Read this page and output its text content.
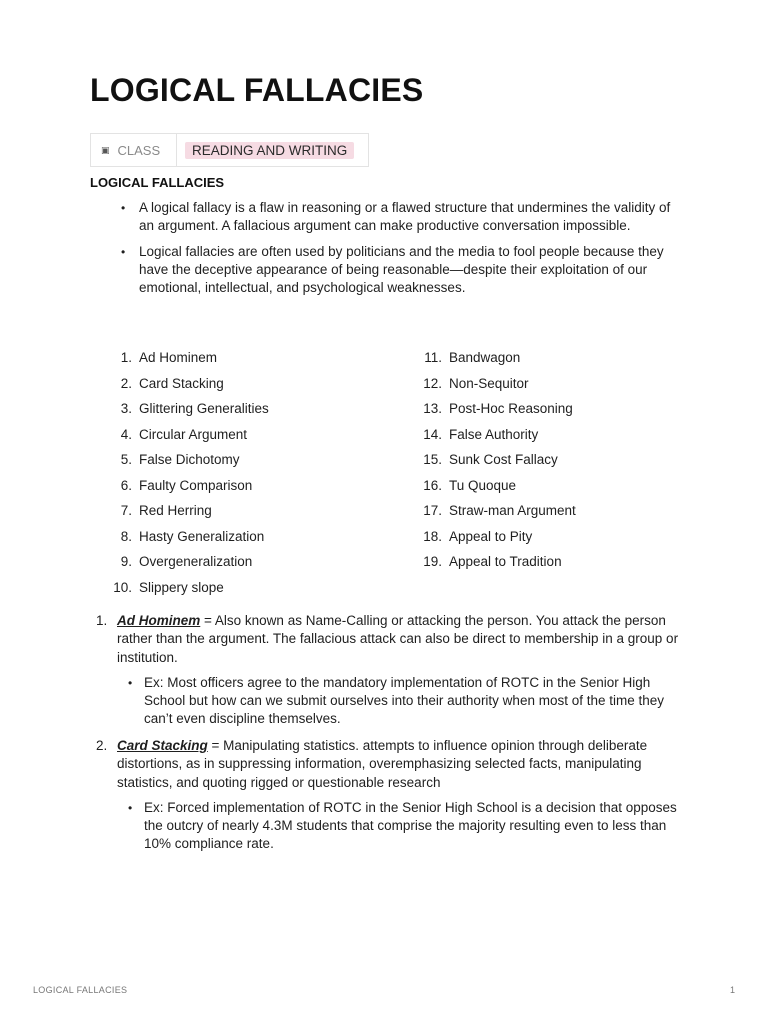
LOGICAL FALLACIES
▣ CLASS	READING AND WRITING
LOGICAL FALLACIES
• A logical fallacy is a flaw in reasoning or a flawed structure that undermines the validity of an argument. A fallacious argument can make productive conversation impossible.
• Logical fallacies are often used by politicians and the media to fool people because they have the deceptive appearance of being reasonable—despite their exploitation of our emotional, intellectual, and psychological weaknesses.
1. Ad Hominem
2. Card Stacking
3. Glittering Generalities
4. Circular Argument
5. False Dichotomy
6. Faulty Comparison
7. Red Herring
8. Hasty Generalization
9. Overgeneralization
10. Slippery slope
11. Bandwagon
12. Non-Sequitor
13. Post-Hoc Reasoning
14. False Authority
15. Sunk Cost Fallacy
16. Tu Quoque
17. Straw-man Argument
18. Appeal to Pity
19. Appeal to Tradition
1. Ad Hominem = Also known as Name-Calling or attacking the person. You attack the person rather than the argument. The fallacious attack can also be direct to membership in a group or institution.
• Ex: Most officers agree to the mandatory implementation of ROTC in the Senior High School but how can we submit ourselves into their authority when most of the time they can’t even discipline themselves.
2. Card Stacking = Manipulating statistics. attempts to influence opinion through deliberate distortions, as in suppressing information, overemphasizing selected facts, manipulating statistics, and quoting rigged or questionable research
• Ex: Forced implementation of ROTC in the Senior High School is a decision that opposes the outcry of nearly 4.3M students that comprise the majority resulting even to less than 10% compliance rate.
LOGICAL FALLACIES	1
